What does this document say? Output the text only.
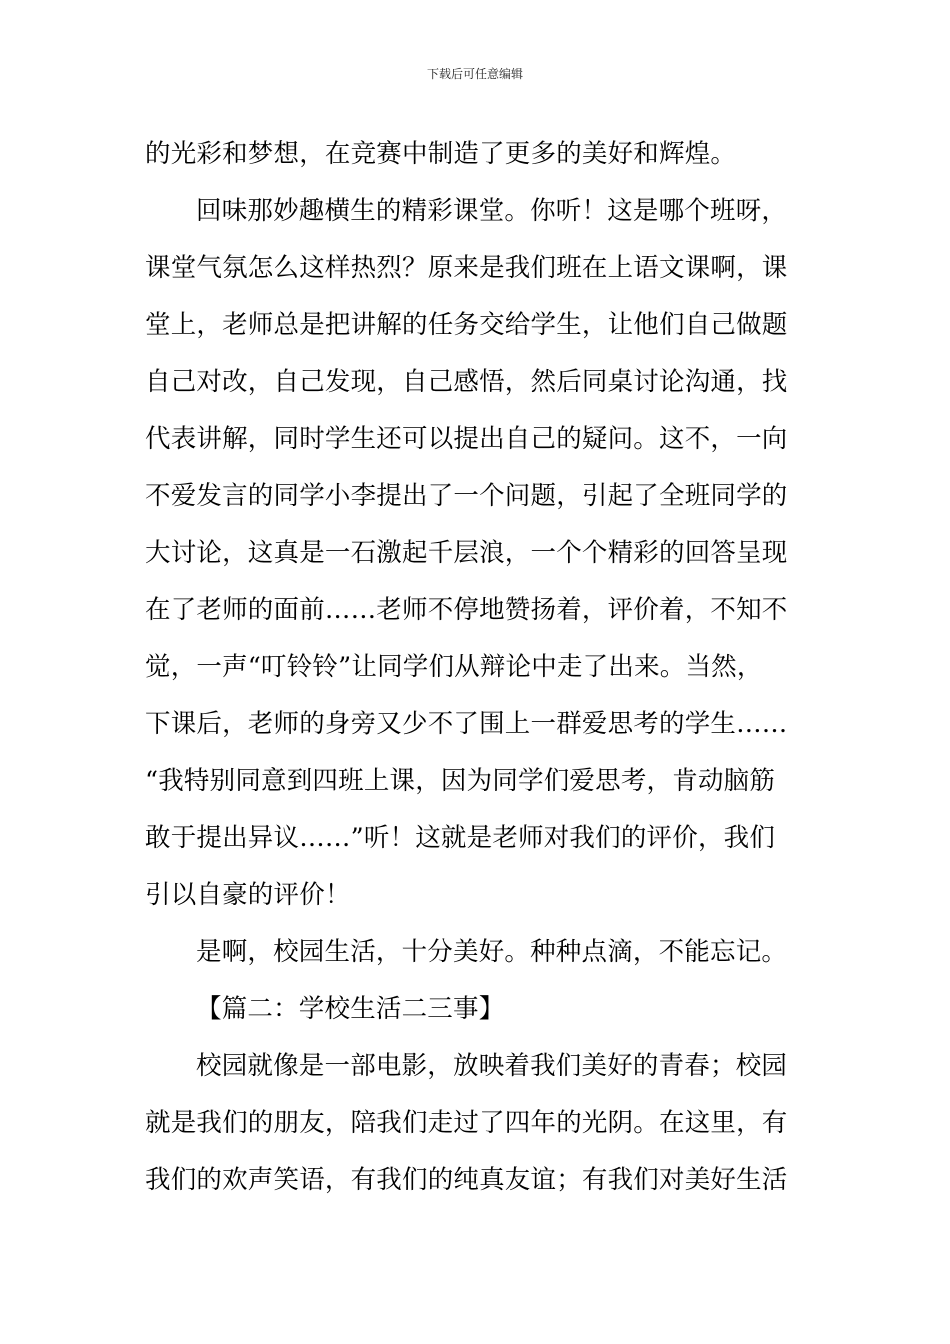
下载后可任意编辑
的光彩和梦想，在竞赛中制造了更多的美好和辉煌。
回味那妙趣横生的精彩课堂。你听！这是哪个班呀，
课堂气氛怎么这样热烈？原来是我们班在上语文课啊，课
堂上，老师总是把讲解的任务交给学生，让他们自己做题
自己对改，自己发现，自己感悟，然后同桌讨论沟通，找
代表讲解，同时学生还可以提出自己的疑问。这不，一向
不爱发言的同学小李提出了一个问题，引起了全班同学的
大讨论，这真是一石激起千层浪，一个个精彩的回答呈现
在了老师的面前……老师不停地赞扬着，评价着，不知不
觉，一声“叮铃铃”让同学们从辩论中走了出来。当然，
下课后，老师的身旁又少不了围上一群爱思考的学生……
“我特别同意到四班上课，因为同学们爱思考，肯动脑筋
敢于提出异议……”听！这就是老师对我们的评价，我们
引以自豪的评价！
是啊，校园生活，十分美好。种种点滴，不能忘记。
【篇二：学校生活二三事】
校园就像是一部电影，放映着我们美好的青春；校园
就是我们的朋友，陪我们走过了四年的光阴。在这里，有
我们的欢声笑语，有我们的纯真友谊；有我们对美好生活
